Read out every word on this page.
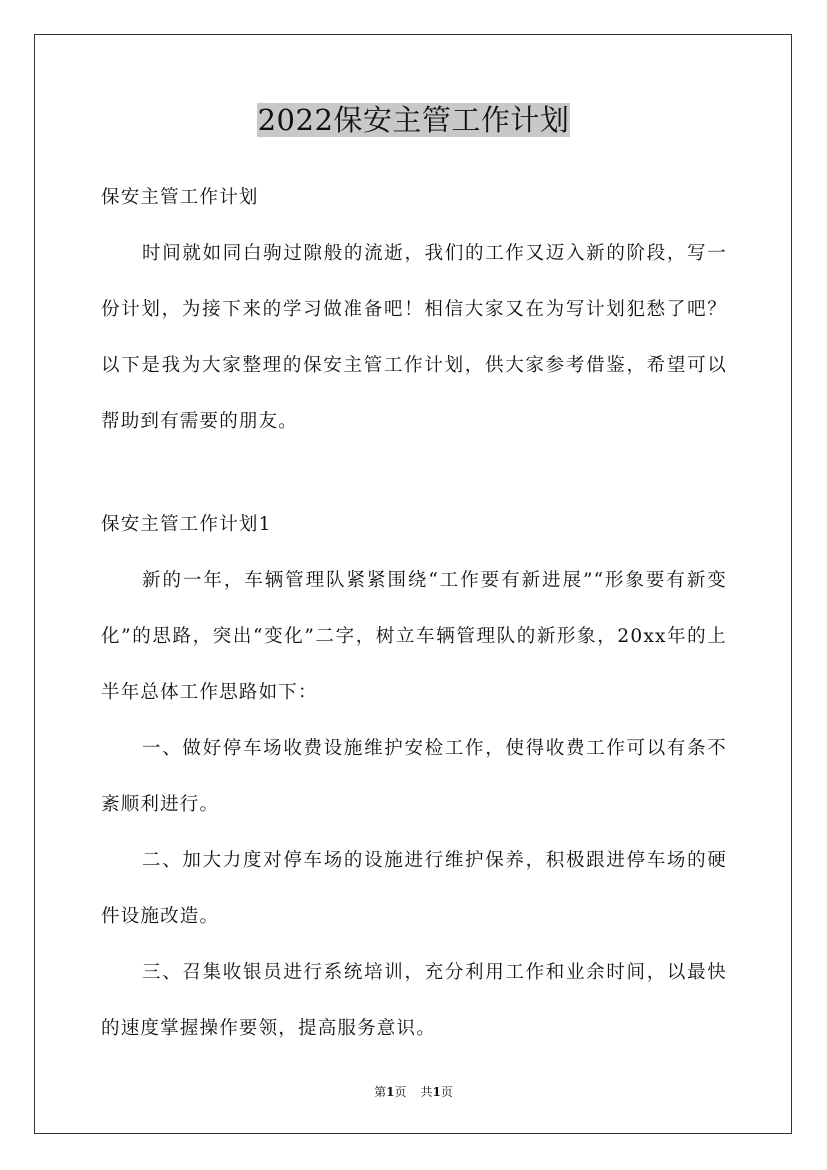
2022保安主管工作计划

保安主管工作计划

时间就如同白驹过隙般的流逝，我们的工作又迈入新的阶段，写一份计划，为接下来的学习做准备吧！相信大家又在为写计划犯愁了吧？以下是我为大家整理的保安主管工作计划，供大家参考借鉴，希望可以帮助到有需要的朋友。

保安主管工作计划1

新的一年，车辆管理队紧紧围绕“工作要有新进展”“形象要有新变化”的思路，突出“变化”二字，树立车辆管理队的新形象，20xx年的上半年总体工作思路如下：

一、做好停车场收费设施维护安检工作，使得收费工作可以有条不紊顺利进行。

二、加大力度对停车场的设施进行维护保养，积极跟进停车场的硬件设施改造。

三、召集收银员进行系统培训，充分利用工作和业余时间，以最快的速度掌握操作要领，提高服务意识。

第1页 共1页
